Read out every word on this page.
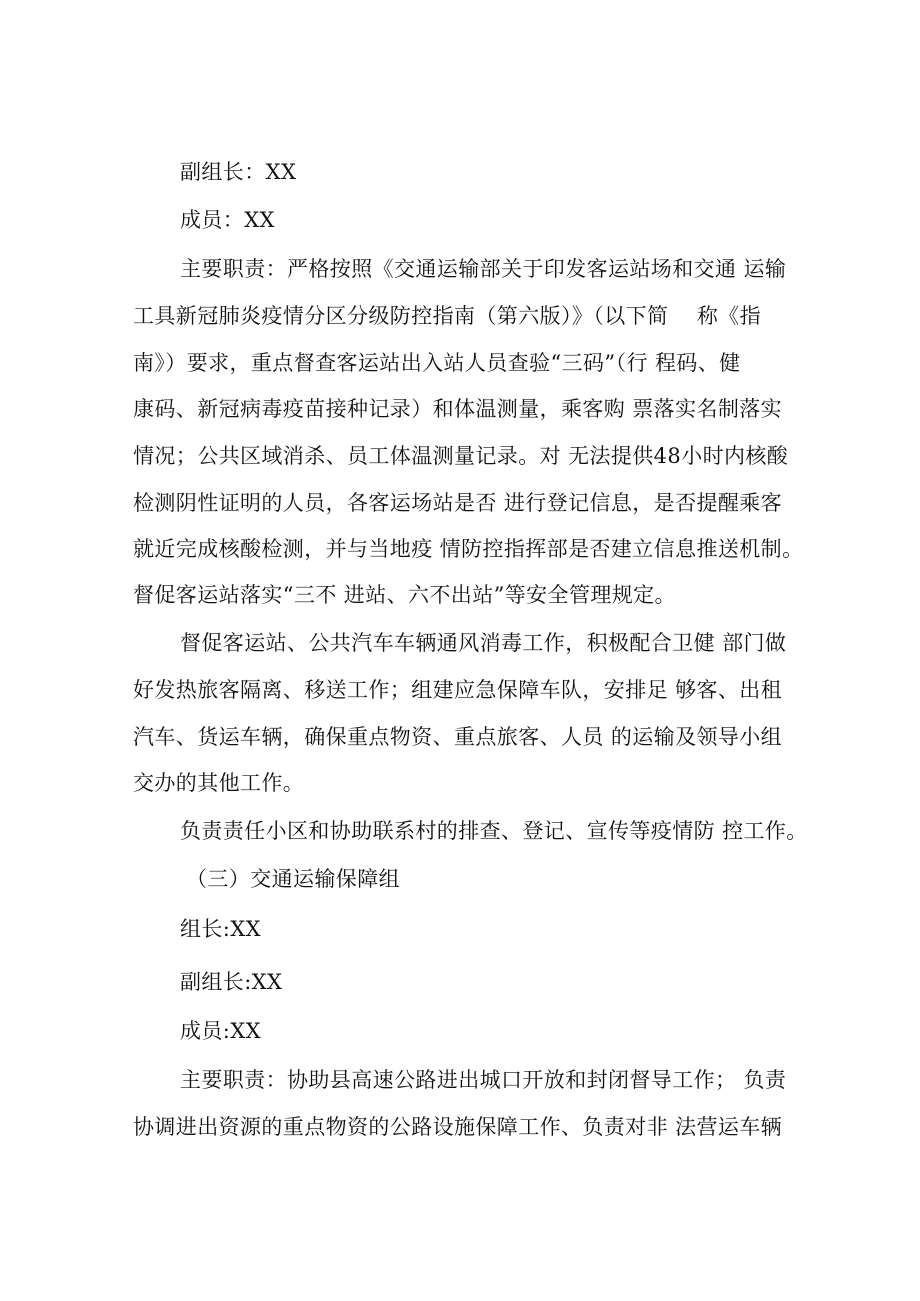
副组长：XX
成员：XX
主要职责：严格按照《交通运输部关于印发客运站场和交通 运输
工具新冠肺炎疫情分区分级防控指南（第六版）》（以下简　 称《指
南》）要求，重点督查客运站出入站人员查验“三码”（行 程码、健
康码、新冠病毒疫苗接种记录）和体温测量，乘客购 票落实名制落实
情况；公共区域消杀、员工体温测量记录。对 无法提供48小时内核酸
检测阴性证明的人员，各客运场站是否 进行登记信息，是否提醒乘客
就近完成核酸检测，并与当地疫 情防控指挥部是否建立信息推送机制。
督促客运站落实“三不 进站、六不出站”等安全管理规定。
督促客运站、公共汽车车辆通风消毒工作，积极配合卫健 部门做
好发热旅客隔离、移送工作；组建应急保障车队，安排足 够客、出租
汽车、货运车辆，确保重点物资、重点旅客、人员 的运输及领导小组
交办的其他工作。
负责责任小区和协助联系村的排查、登记、宣传等疫情防 控工作。
（三）交通运输保障组
组长:XX
副组长:XX
成员:XX
主要职责：协助县高速公路进出城口开放和封闭督导工作； 负责
协调进出资源的重点物资的公路设施保障工作、负责对非 法营运车辆
